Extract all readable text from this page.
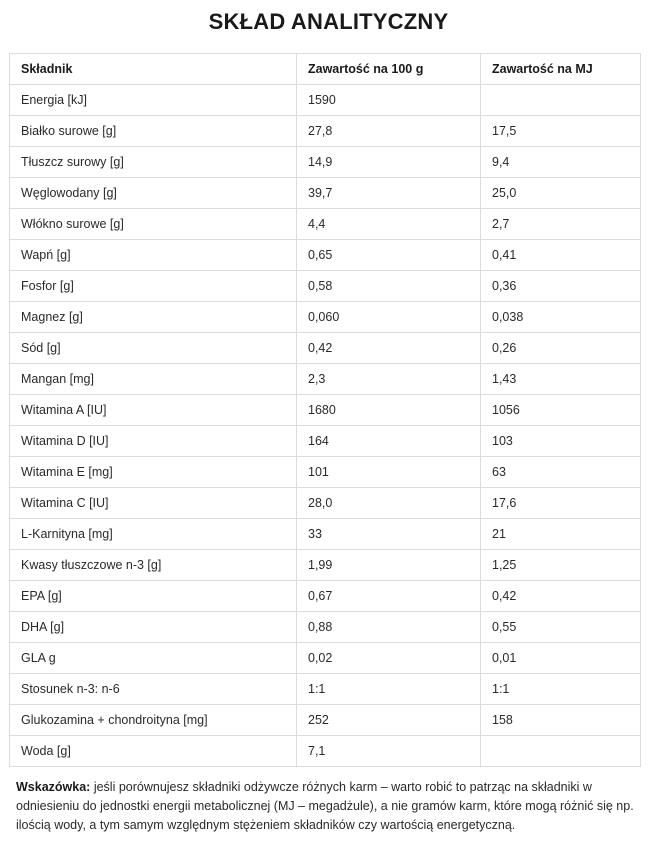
SKŁAD ANALITYCZNY
Składnik	Zawartość na 100 g	Zawartość na MJ
Energia [kJ]	1590	
Białko surowe [g]	27,8	17,5
Tłuszcz surowy [g]	14,9	9,4
Węglowodany [g]	39,7	25,0
Włókno surowe [g]	4,4	2,7
Wapń [g]	0,65	0,41
Fosfor [g]	0,58	0,36
Magnez [g]	0,060	0,038
Sód [g]	0,42	0,26
Mangan [mg]	2,3	1,43
Witamina A [IU]	1680	1056
Witamina D [IU]	164	103
Witamina E [mg]	101	63
Witamina C [IU]	28,0	17,6
L-Karnityna [mg]	33	21
Kwasy tłuszczowe n-3 [g]	1,99	1,25
EPA [g]	0,67	0,42
DHA [g]	0,88	0,55
GLA g	0,02	0,01
Stosunek n-3: n-6	1:1	1:1
Glukozamina + chondroityna [mg]	252	158
Woda [g]	7,1	
Wskazówka: jeśli porównujesz składniki odżywcze różnych karm – warto robić to patrząc na składniki w odniesieniu do jednostki energii metabolicznej (MJ – megadżule), a nie gramów karm, które mogą różnić się np. ilością wody, a tym samym względnym stężeniem składników czy wartością energetyczną.
